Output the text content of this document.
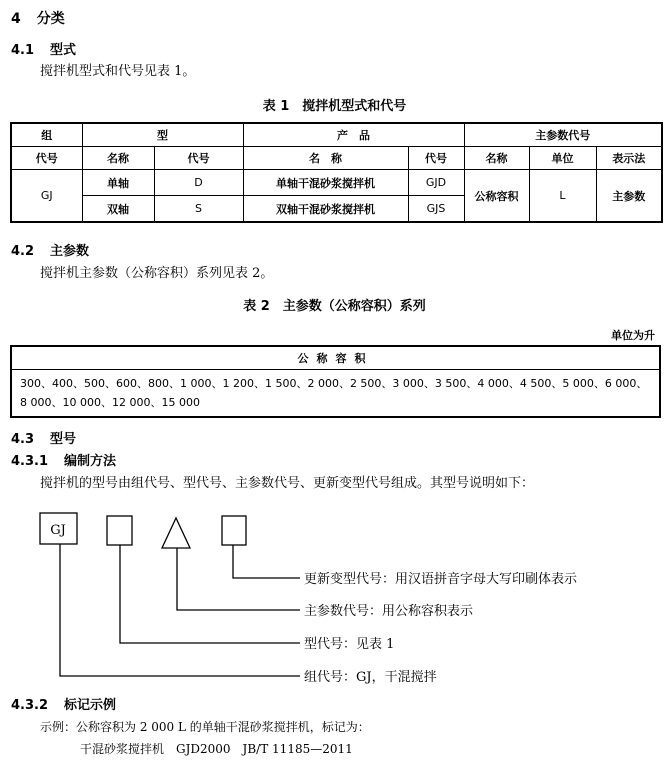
4 分类
4.1 型式
搅拌机型式和代号见表 1。
表 1　搅拌机型式和代号
组	型		产　品		主参数代号		
代号	名称	代号	名　称	代号	名称	单位	表示法
GJ	单轴	D	单轴干混砂浆搅拌机	GJD	公称容积	L	主参数
	双轴	S	双轴干混砂浆搅拌机	GJS			
4.2 主参数
搅拌机主参数（公称容积）系列见表 2。
表 2　主参数（公称容积）系列
单位为升
公称容积
300、400、500、600、800、1 000、1 200、1 500、2 000、2 500、3 000、3 500、4 000、4 500、5 000、6 000、8 000、10 000、12 000、15 000
4.3 型号
4.3.1 编制方法
搅拌机的型号由组代号、型代号、主参数代号、更新变型代号组成。其型号说明如下：
GJ
更新变型代号：用汉语拼音字母大写印刷体表示
主参数代号：用公称容积表示
型代号：见表 1
组代号：GJ，干混搅拌
4.3.2 标记示例
示例：公称容积为 2 000 L 的单轴干混砂浆搅拌机，标记为：
干混砂浆搅拌机　GJD2000　JB/T 11185—2011
